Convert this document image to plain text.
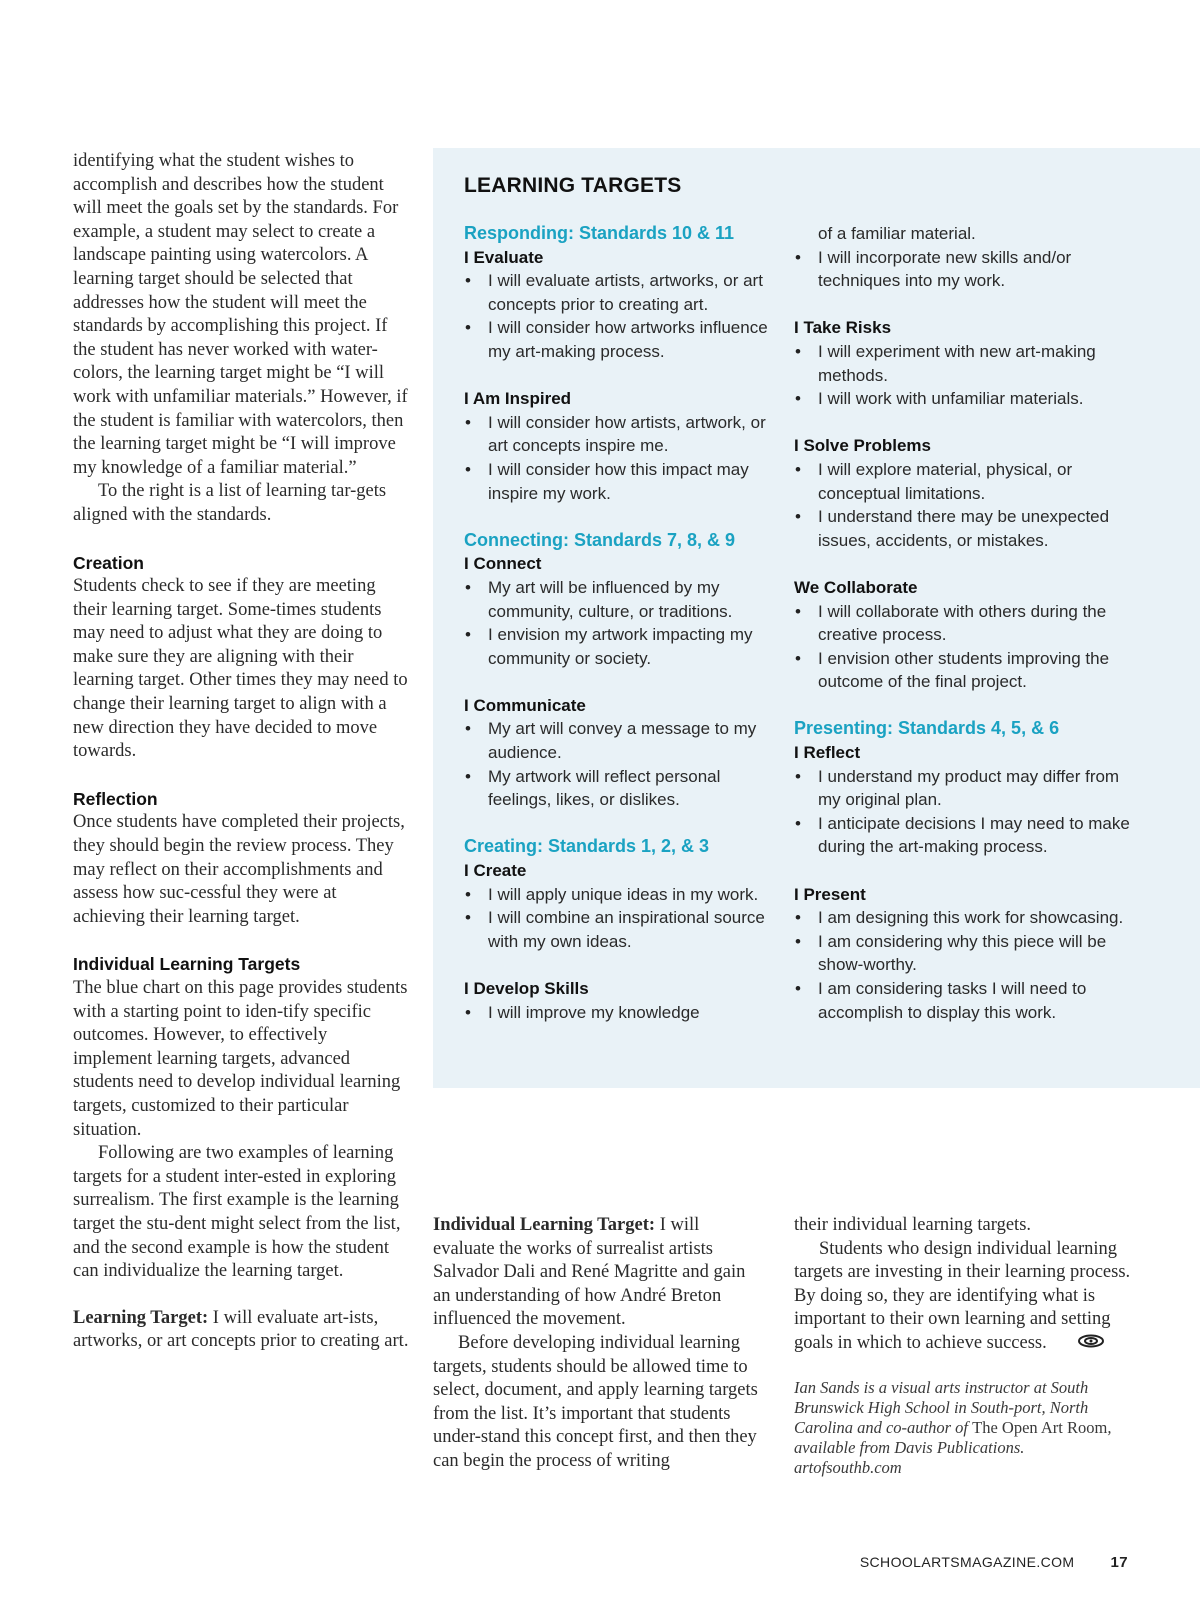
identifying what the student wishes to accomplish and describes how the student will meet the goals set by the standards. For example, a student may select to create a landscape painting using watercolors. A learning target should be selected that addresses how the student will meet the standards by accomplishing this project. If the student has never worked with water-colors, the learning target might be “I will work with unfamiliar materials.” However, if the student is familiar with watercolors, then the learning target might be “I will improve my knowledge of a familiar material.”

To the right is a list of learning tar-gets aligned with the standards.

Creation

Students check to see if they are meeting their learning target. Some-times students may need to adjust what they are doing to make sure they are aligning with their learning target. Other times they may need to change their learning target to align with a new direction they have decided to move towards.

Reflection

Once students have completed their projects, they should begin the review process. They may reflect on their accomplishments and assess how suc-cessful they were at achieving their learning target.

Individual Learning Targets

The blue chart on this page provides students with a starting point to iden-tify specific outcomes. However, to effectively implement learning targets, advanced students need to develop individual learning targets, customized to their particular situation.

Following are two examples of learning targets for a student inter-ested in exploring surrealism. The first example is the learning target the stu-dent might select from the list, and the second example is how the student can individualize the learning target.

Learning Target: I will evaluate art-ists, artworks, or art concepts prior to creating art.

LEARNING TARGETS

Responding: Standards 10 & 11

I Evaluate

• I will evaluate artists, artworks, or art concepts prior to creating art.
• I will consider how artworks influence my art-making process.

I Am Inspired

• I will consider how artists, artwork, or art concepts inspire me.
• I will consider how this impact may inspire my work.

Connecting: Standards 7, 8, & 9

I Connect

• My art will be influenced by my community, culture, or traditions.
• I envision my artwork impacting my community or society.

I Communicate

• My art will convey a message to my audience.
• My artwork will reflect personal feelings, likes, or dislikes.

Creating: Standards 1, 2, & 3

I Create

• I will apply unique ideas in my work.
• I will combine an inspirational source with my own ideas.

I Develop Skills

• I will improve my knowledge

of a familiar material.

• I will incorporate new skills and/or techniques into my work.

I Take Risks

• I will experiment with new art-making methods.
• I will work with unfamiliar materials.

I Solve Problems

• I will explore material, physical, or conceptual limitations.
• I understand there may be unexpected issues, accidents, or mistakes.

We Collaborate

• I will collaborate with others during the creative process.
• I envision other students improving the outcome of the final project.

Presenting: Standards 4, 5, & 6

I Reflect

• I understand my product may differ from my original plan.
• I anticipate decisions I may need to make during the art-making process.

I Present

• I am designing this work for showcasing.
• I am considering why this piece will be show-worthy.
• I am considering tasks I will need to accomplish to display this work.

Individual Learning Target: I will evaluate the works of surrealist artists Salvador Dali and René Magritte and gain an understanding of how André Breton influenced the movement.

Before developing individual learning targets, students should be allowed time to select, document, and apply learning targets from the list. It’s important that students under-stand this concept first, and then they can begin the process of writing

their individual learning targets.

Students who design individual learning targets are investing in their learning process. By doing so, they are identifying what is important to their own learning and setting goals in which to achieve success.

Ian Sands is a visual arts instructor at South Brunswick High School in South-port, North Carolina and co-author of The Open Art Room, available from Davis Publications. artofsouthb.com

SCHOOLARTSMAGAZINE.COM 17
